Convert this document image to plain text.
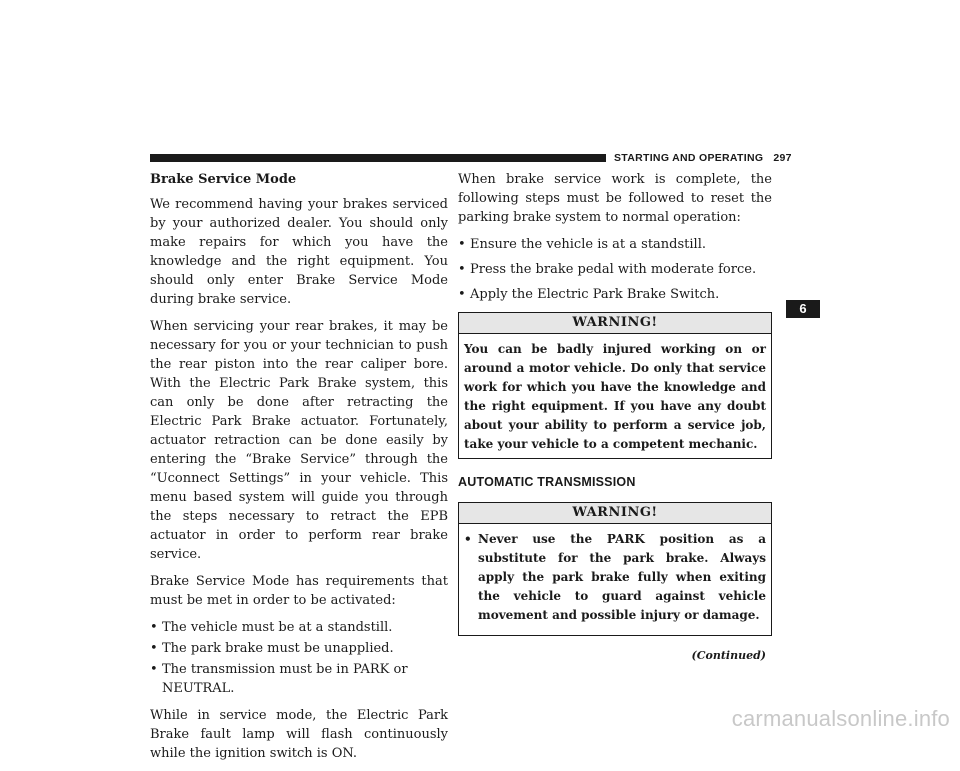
STARTING AND OPERATING 297
6
Brake Service Mode

We recommend having your brakes serviced by your authorized dealer. You should only make repairs for which you have the knowledge and the right equipment. You should only enter Brake Service Mode during brake service.

When servicing your rear brakes, it may be necessary for you or your technician to push the rear piston into the rear caliper bore. With the Electric Park Brake system, this can only be done after retracting the Electric Park Brake actuator. Fortunately, actuator retraction can be done easily by entering the “Brake Service” through the “Uconnect Settings” in your vehicle. This menu based system will guide you through the steps necessary to retract the EPB actuator in order to perform rear brake service.

Brake Service Mode has requirements that must be met in order to be activated:

• The vehicle must be at a standstill.
• The park brake must be unapplied.
• The transmission must be in PARK or NEUTRAL.

While in service mode, the Electric Park Brake fault lamp will flash continuously while the ignition switch is ON.

When brake service work is complete, the following steps must be followed to reset the parking brake system to normal operation:

• Ensure the vehicle is at a standstill.
• Press the brake pedal with moderate force.
• Apply the Electric Park Brake Switch.
WARNING!
You can be badly injured working on or around a motor vehicle. Do only that service work for which you have the knowledge and the right equipment. If you have any doubt about your ability to perform a service job, take your vehicle to a competent mechanic.
AUTOMATIC TRANSMISSION
WARNING!
• Never use the PARK position as a substitute for the park brake. Always apply the park brake fully when exiting the vehicle to guard against vehicle movement and possible injury or damage.
(Continued)
carmanualsonline.info
